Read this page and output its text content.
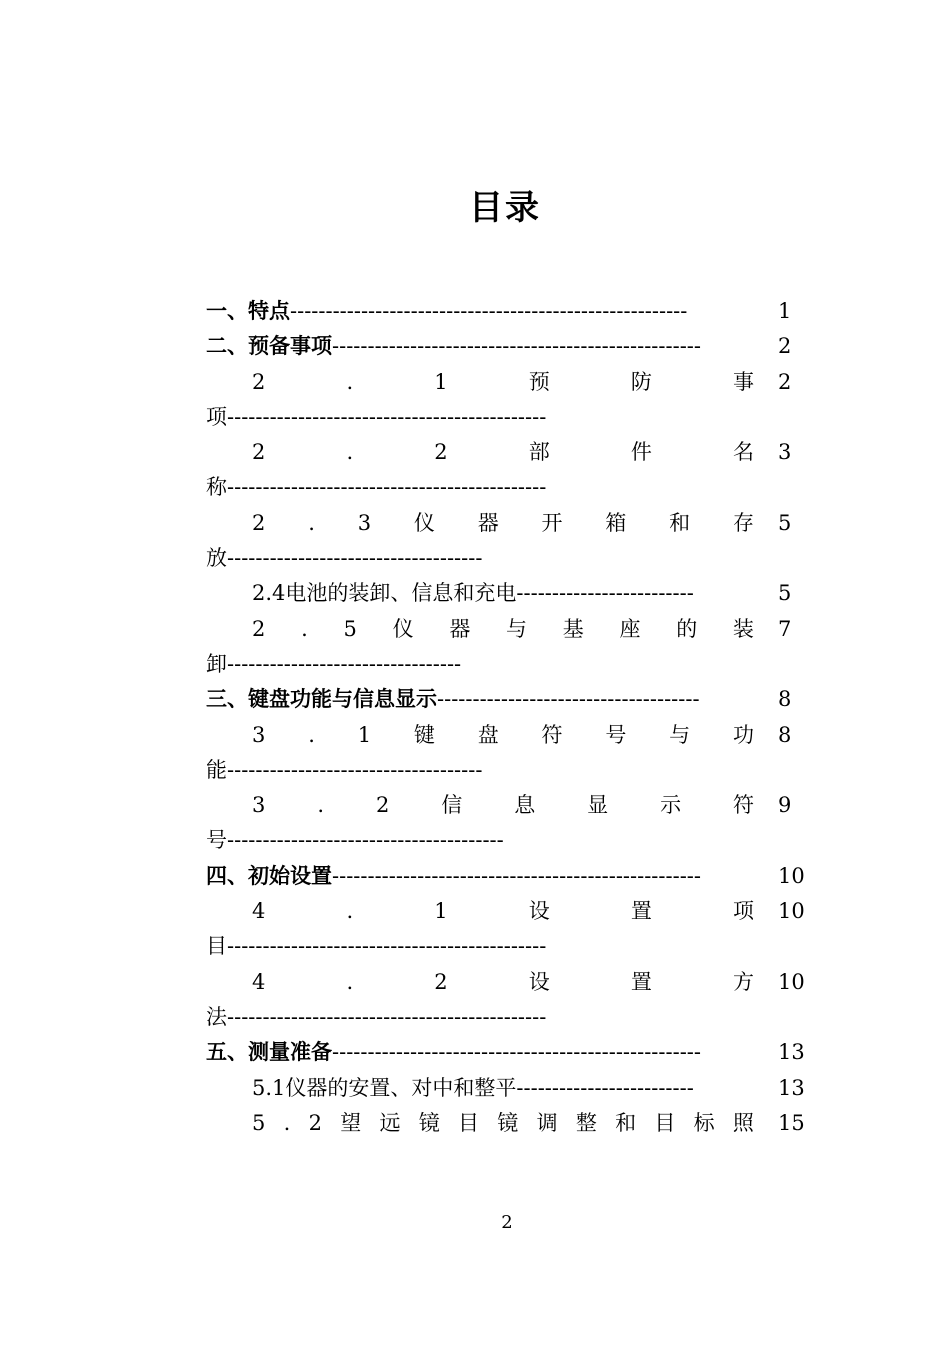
目录
一、特点--------------------------------------------------------	1
二、预备事项----------------------------------------------------	2
2	.	1	预	防	事 2
项---------------------------------------------
2	.	2	部	件	名 3
称---------------------------------------------
2 . 3 仪 器 开 箱 和 存 5
放------------------------------------
2.4电池的装卸、信息和充电-------------------------	5
2 . 5 仪 器 与 基 座 的 装 7
卸---------------------------------
三、键盘功能与信息显示-------------------------------------	8
3 . 1 键 盘 符 号 与 功 8
能------------------------------------
3 . 2 信 息 显 示 符 9
号---------------------------------------
四、初始设置----------------------------------------------------	10
4	.	1	设	置	项 10
目---------------------------------------------
4	.	2	设	置	方 10
法---------------------------------------------
五、测量准备----------------------------------------------------	13
5.1仪器的安置、对中和整平-------------------------	13
5 . 2 望 远 镜 目 镜 调 整 和 目 标 照 15
2
